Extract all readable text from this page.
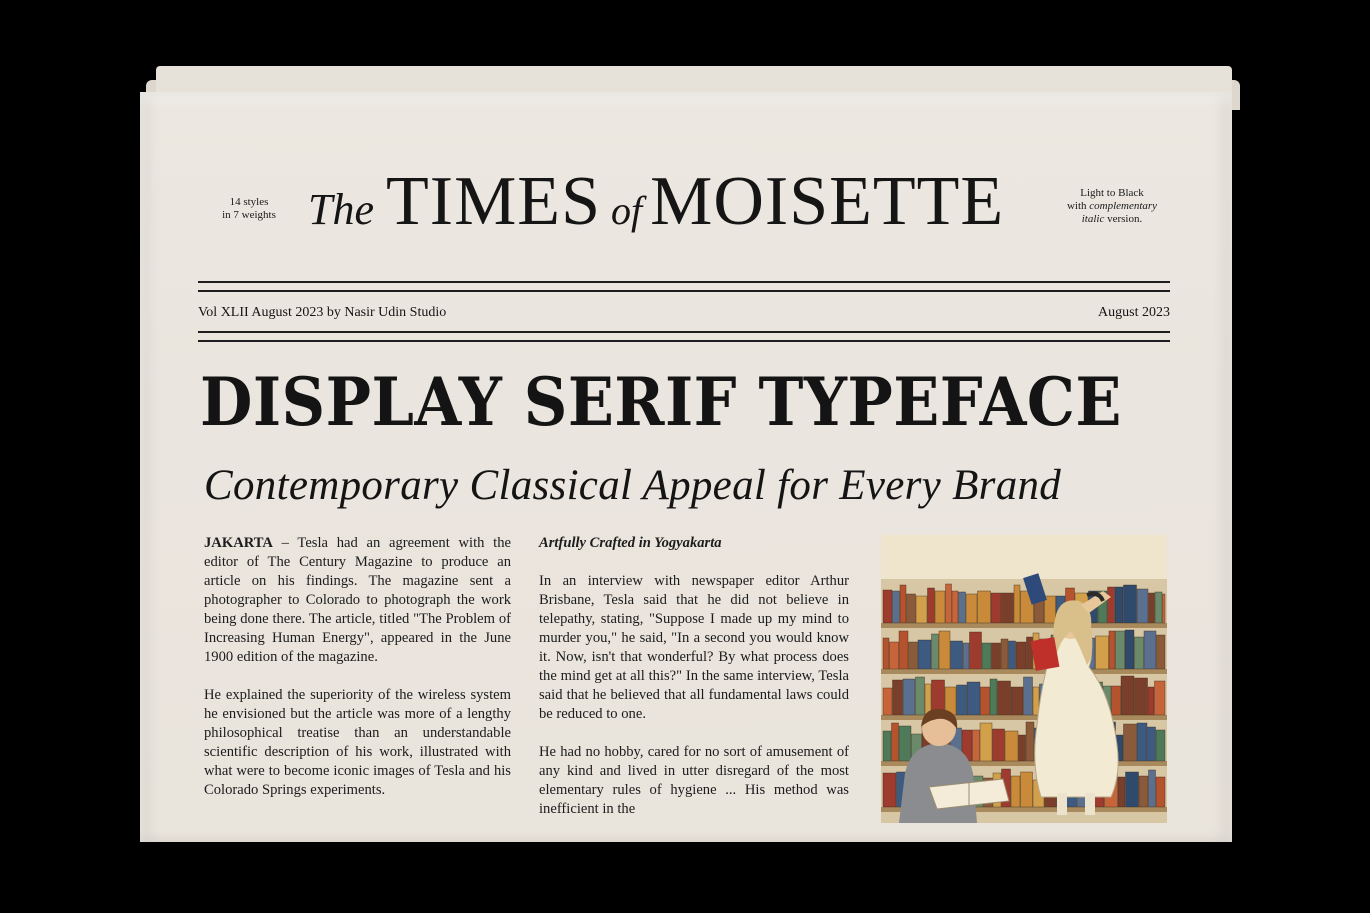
14 styles
in 7 weights The TIMES of MOISETTE	Light to Black
with complementary
italic version.
Vol XLII August 2023 by Nasir Udin Studio	August 2023
DISPLAY SERIF TYPEFACE
Contemporary Classical Appeal for Every Brand

JAKARTA – Tesla had an agreement with the editor of The Century Magazine to produce an article on his findings. The magazine sent a photographer to Colorado to photograph the work being done there. The article, titled "The Problem of Increasing Human Energy", appeared in the June 1900 edition of the magazine.

He explained the superiority of the wireless system he envisioned but the article was more of a lengthy philosophical treatise than an understandable scientific description of his work, illustrated with what were to become iconic images of Tesla and his Colorado Springs experiments.

Artfully Crafted in Yogyakarta

In an interview with newspaper editor Arthur Brisbane, Tesla said that he did not believe in telepathy, stating, "Suppose I made up my mind to murder you," he said, "In a second you would know it. Now, isn't that wonderful? By what process does the mind get at all this?" In the same interview, Tesla said that he believed that all fundamental laws could be reduced to one.

He had no hobby, cared for no sort of amusement of any kind and lived in utter disregard of the most elementary rules of hygiene ... His method was inefficient in the
